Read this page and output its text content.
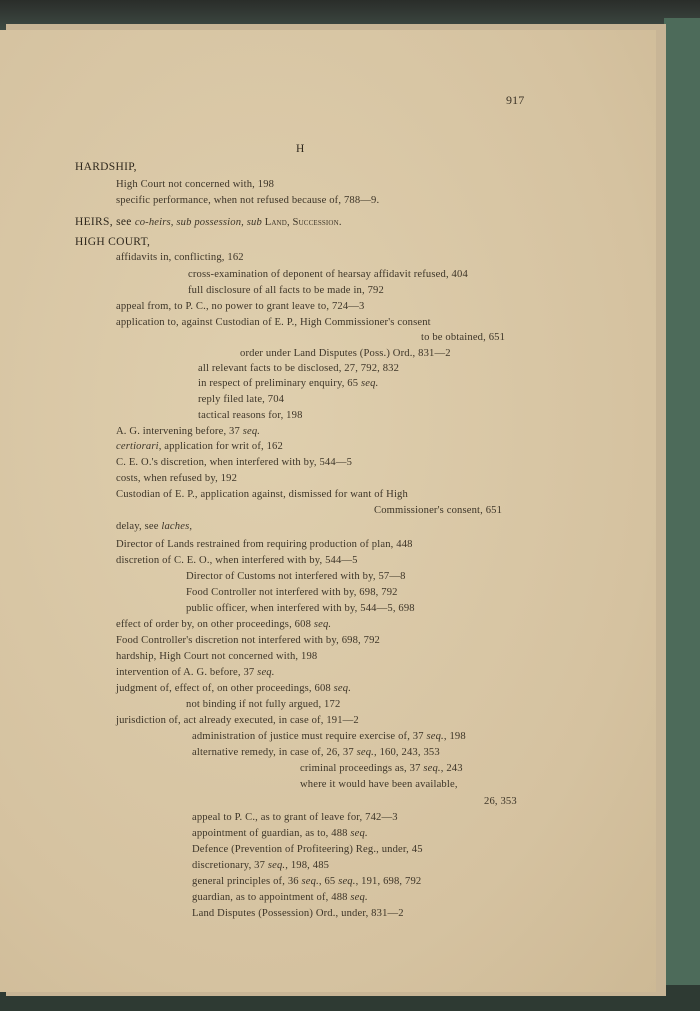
917
H
HARDSHIP,
High Court not concerned with, 198
specific performance, when not refused because of, 788—9.
HEIRS, see co-heirs, sub possession, sub Land, Succession.
HIGH COURT,
affidavits in, conflicting, 162
cross-examination of deponent of hearsay affidavit refused, 404
full disclosure of all facts to be made in, 792
appeal from, to P. C., no power to grant leave to, 724—3
application to, against Custodian of E. P., High Commissioner's consent
to be obtained, 651
order under Land Disputes (Poss.) Ord., 831—2
all relevant facts to be disclosed, 27, 792, 832
in respect of preliminary enquiry, 65 seq.
reply filed late, 704
tactical reasons for, 198
A. G. intervening before, 37 seq.
certiorari, application for writ of, 162
C. E. O.'s discretion, when interfered with by, 544—5
costs, when refused by, 192
Custodian of E. P., application against, dismissed for want of High
Commissioner's consent, 651
delay, see laches,
Director of Lands restrained from requiring production of plan, 448
discretion of C. E. O., when interfered with by, 544—5
Director of Customs not interfered with by, 57—8
Food Controller not interfered with by, 698, 792
public officer, when interfered with by, 544—5, 698
effect of order by, on other proceedings, 608 seq.
Food Controller's discretion not interfered with by, 698, 792
hardship, High Court not concerned with, 198
intervention of A. G. before, 37 seq.
judgment of, effect of, on other proceedings, 608 seq.
not binding if not fully argued, 172
jurisdiction of, act already executed, in case of, 191—2
administration of justice must require exercise of, 37 seq., 198
alternative remedy, in case of, 26, 37 seq., 160, 243, 353
criminal proceedings as, 37 seq., 243
where it would have been available,
26, 353
appeal to P. C., as to grant of leave for, 742—3
appointment of guardian, as to, 488 seq.
Defence (Prevention of Profiteering) Reg., under, 45
discretionary, 37 seq., 198, 485
general principles of, 36 seq., 65 seq., 191, 698, 792
guardian, as to appointment of, 488 seq.
Land Disputes (Possession) Ord., under, 831—2
